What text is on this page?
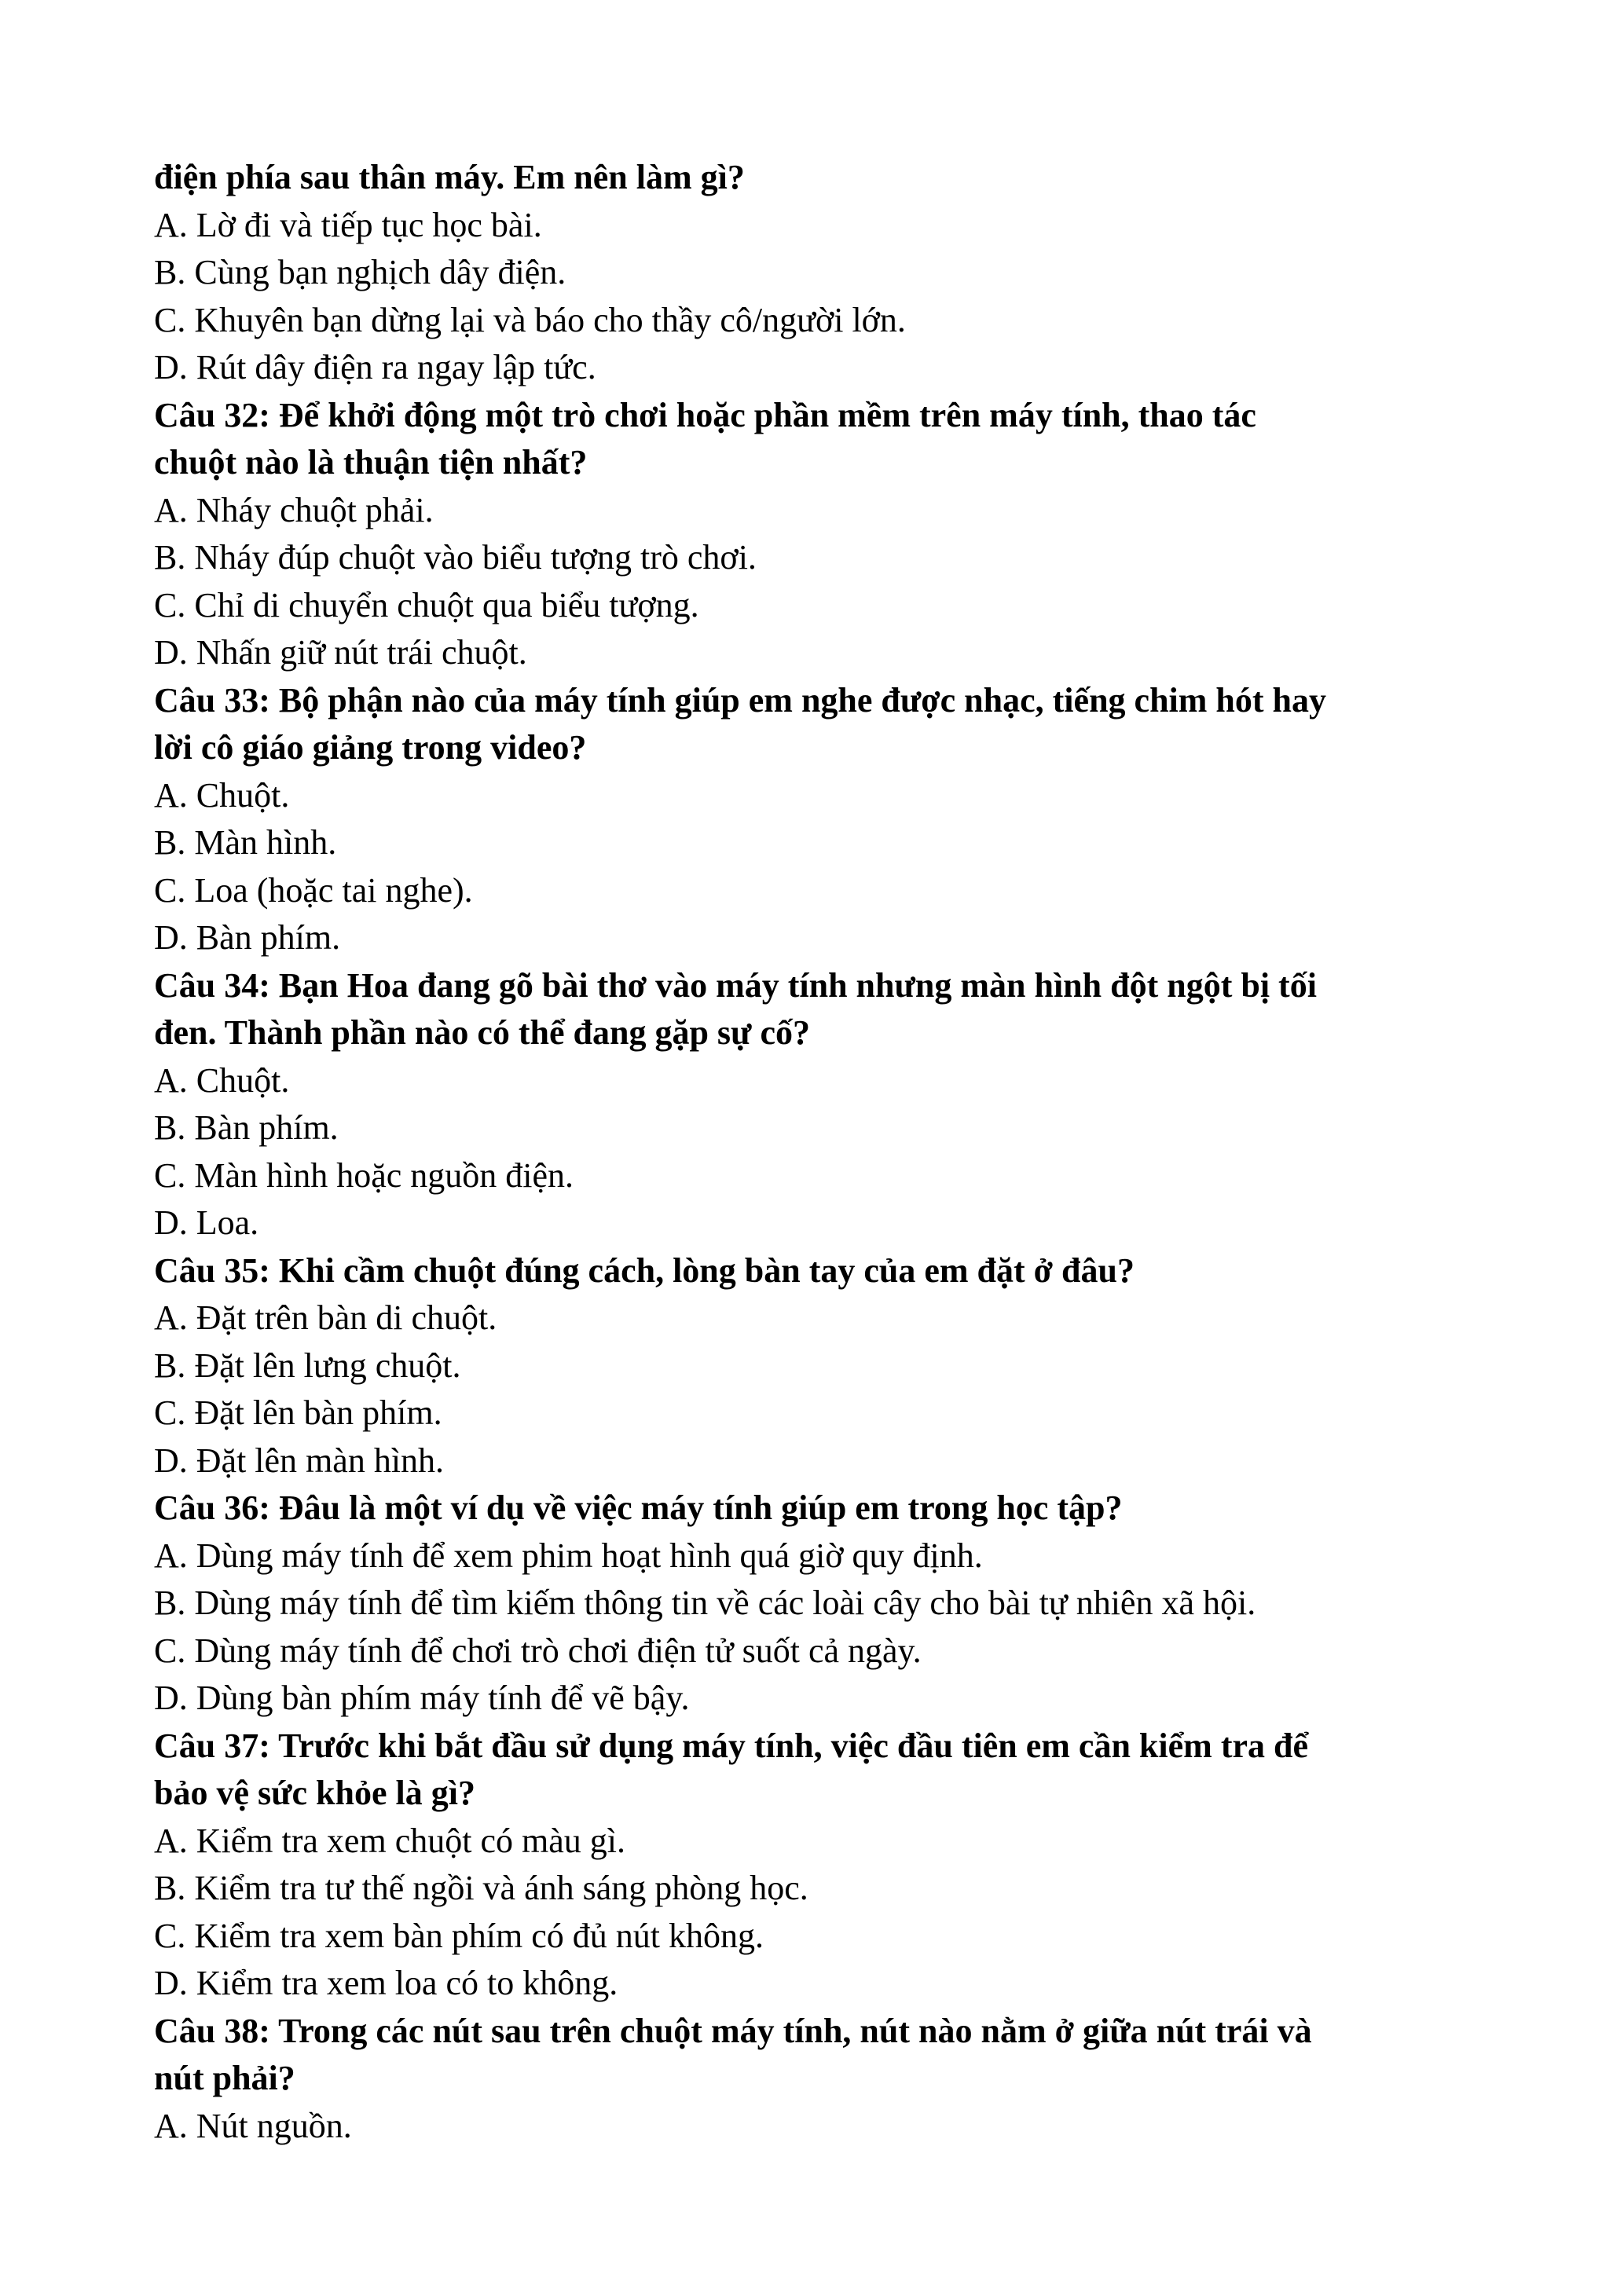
điện phía sau thân máy. Em nên làm gì?
A. Lờ đi và tiếp tục học bài.
B. Cùng bạn nghịch dây điện.
C. Khuyên bạn dừng lại và báo cho thầy cô/người lớn.
D. Rút dây điện ra ngay lập tức.
Câu 32: Để khởi động một trò chơi hoặc phần mềm trên máy tính, thao tác
chuột nào là thuận tiện nhất?
A. Nháy chuột phải.
B. Nháy đúp chuột vào biểu tượng trò chơi.
C. Chỉ di chuyển chuột qua biểu tượng.
D. Nhấn giữ nút trái chuột.
Câu 33: Bộ phận nào của máy tính giúp em nghe được nhạc, tiếng chim hót hay
lời cô giáo giảng trong video?
A. Chuột.
B. Màn hình.
C. Loa (hoặc tai nghe).
D. Bàn phím.
Câu 34: Bạn Hoa đang gõ bài thơ vào máy tính nhưng màn hình đột ngột bị tối
đen. Thành phần nào có thể đang gặp sự cố?
A. Chuột.
B. Bàn phím.
C. Màn hình hoặc nguồn điện.
D. Loa.
Câu 35: Khi cầm chuột đúng cách, lòng bàn tay của em đặt ở đâu?
A. Đặt trên bàn di chuột.
B. Đặt lên lưng chuột.
C. Đặt lên bàn phím.
D. Đặt lên màn hình.
Câu 36: Đâu là một ví dụ về việc máy tính giúp em trong học tập?
A. Dùng máy tính để xem phim hoạt hình quá giờ quy định.
B. Dùng máy tính để tìm kiếm thông tin về các loài cây cho bài tự nhiên xã hội.
C. Dùng máy tính để chơi trò chơi điện tử suốt cả ngày.
D. Dùng bàn phím máy tính để vẽ bậy.
Câu 37: Trước khi bắt đầu sử dụng máy tính, việc đầu tiên em cần kiểm tra để
bảo vệ sức khỏe là gì?
A. Kiểm tra xem chuột có màu gì.
B. Kiểm tra tư thế ngồi và ánh sáng phòng học.
C. Kiểm tra xem bàn phím có đủ nút không.
D. Kiểm tra xem loa có to không.
Câu 38: Trong các nút sau trên chuột máy tính, nút nào nằm ở giữa nút trái và
nút phải?
A. Nút nguồn.
